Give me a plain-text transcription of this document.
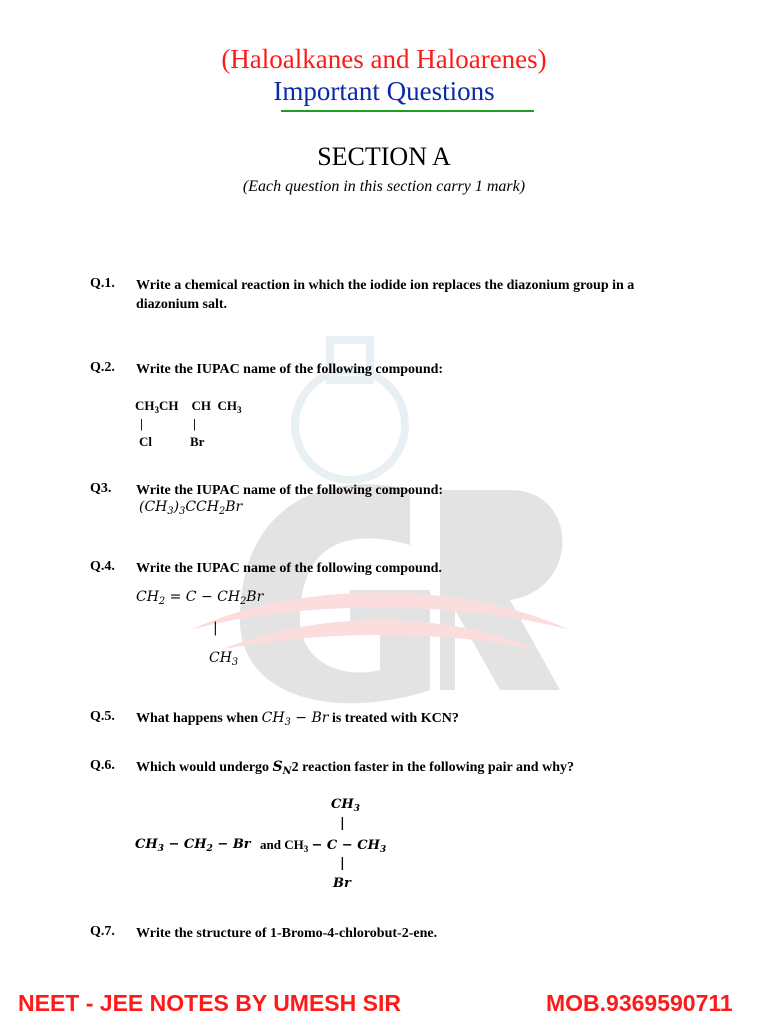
(Haloalkanes and Haloarenes)
Important Questions
SECTION A
(Each question in this section carry 1 mark)
Q.1.	Write a chemical reaction in which the iodide ion replaces the diazonium group in a diazonium salt.
Q.2.	Write the IUPAC name of the following compound:
$CH_3CH$    CH  $CH_3$
|	|
Cl	Br
Q3.	Write the IUPAC name of the following compound:
$(CH_3)_3CCH_2Br$
Q.4.	Write the IUPAC name of the following compound.
$CH_2 = C - CH_2Br$
|
$CH_3$
Q.5.	What happens when $CH_3 - Br$ is treated with KCN?
Q.6.	Which would undergo $S_N2$ reaction faster in the following pair and why?
$CH_3$
|
$CH_3 - CH_2 - Br$ and $CH_3 - C - CH_3$
|
Br
Q.7.	Write the structure of 1-Bromo-4-chlorobut-2-ene.
NEET - JEE NOTES BY UMESH SIR	MOB.9369590711
